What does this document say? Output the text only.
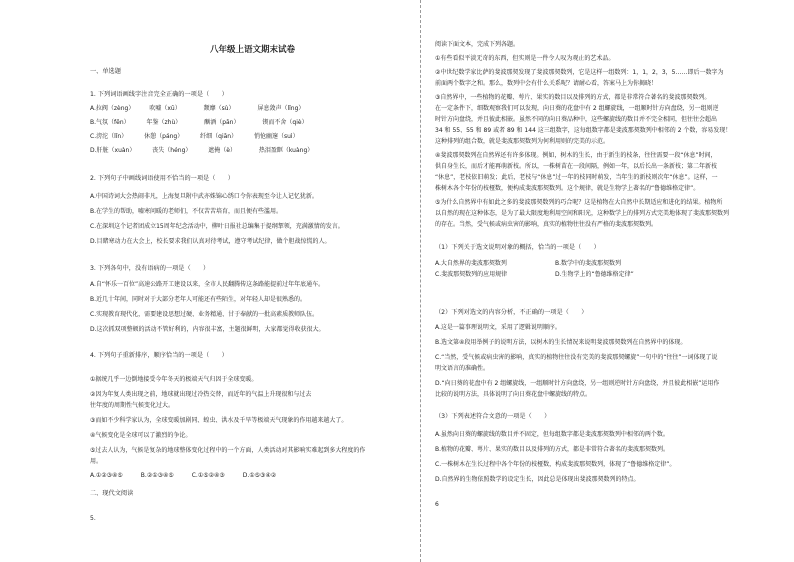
八年级上语文期末试卷
一、单选题
1. 下列词语画线字注音完全正确的一项是（　　）
A.拉阀（zèng）　　　吹嘘（xū）　　　　 颓靡（sù）　　　　 屏息敛声（lǐng）
B.气氛（fēn）　　　 年鉴（zhù）　　　　 酗酒（pān）　　　　 锲而不舍（qiè）
C.滂沱（lǐn）　　　 休憩（páng）　　　 纤细（qiān）　　　 悄怆幽邃（suì）
D.肝脏（xuàn）　　　 丧失（héng）　　　 遮掩（è）　　　　 热泪盈眶（kuàng）
2. 下列句子中画线词语使用不恰当的一项是（　　）
A.中国诗词大会热闹非凡，上海复旦附中武亦姝锦心绣口令你表现至今让人记忆犹新。
B.在学生的帮助，嘘寒问暖的老师们，不仅苦苦培育，而且便有些滥用。
C.在深圳这个记者团成立15周年纪念活动中，柳叶日报社总编集于提纲挈领，充满激情的发言。
D.目睹寒动力在大会上，校长要求我们认真对待考试，遵守考试纪律，做个胆战惊慌的人。
3. 下列各句中，没有语病的一项是（　　）
A.自“怀乐一百位”高速公路开工建设以来，全市人民翻腾传这条路能提前过年年底通车。
B.近几十年间，同时对于大部分老年人可能还有些陌生，对年轻人却是很熟悉的。
C.实现教育现代化，需要建设思想过硬、业务精通、甘于奉献的一批高素质教师队伍。
D.这次抓双项整顿的活动不管好利的，内容很丰富，主题很鲜明，大家都觉得收获很大。
4. 下列句子重新排序，顺序恰当的一项是（　　）
①据统几乎一边倒地接受今年冬天的极端天气归因于全球变暖。
②因为年复人类出现之前，地球就出现过冷热交替，而近年的气温上升现很和与过去
往年度的周期性气候变化过大。
③而如不少科学家认为，全球变暖加剧同、蝗虫、洪水及千旱等极端天气现象的作用越来越大了。
④气候变化是全球可以了激烈的争论。
⑤过去人认为，气候是复杂的地球整体变化过程中的一个方面，人类活动对其影响实难起到多大程度的作
用。
A.①②③④⑤　　　B.②①③④⑤　　　C.①⑤②④③　　　D.①⑤③④②
二、现代文阅读
5.
阅读下面文本，完成下列各题。
①有些看似平淡无奇的东西，但实则是一件令人叹为观止的艺术品。
②中世纪数学家比萨的斐波那契发现了斐波那契数列，它是这样一组数列：1，1，2，3，5……即后一数字为
前面两个数字之和。那么，数列中会有什么关系呢？请耐心看，答案马上为你揭晓！
③自然界中，一些植物的花瓣、萼片、果实的数目以及排列的方式，都是非常符合著名的斐波那契数列。
在一定条件下，细数观察我们可以发现，向日葵的花盘中有 2 组螺旋线，一组顺时针方向盘绕，另一组则逆
时针方向盘绕，并且彼此相嵌。虽然不同的向日葵品种中，这些螺旋线的数目并不完全相同，但往往会超出
34 和 55、55 和 89 或者 89 和 144 这三组数字，这每组数字都是斐波那契数列中相邻的 2 个数，容易发现！
这种排列的组合数，就是斐波那契数列为何利用则的完美的示范。
④斐波那契数列在自然界还有许多体现。例如，树木的生长，由于新生的枝条，往往需要一段“休息”时间，
供自身生长，而后才能再萌新枝。所以，一株树苗在一段间隔，例如一年，以后长出一条新枝；第二年新枝
“休息”，老枝依旧萌发；此后，老枝与“休息”过一年的枝同时萌发，当年生的新枝则次年“休息”。这样，一
株树木各个年份的枝桠数，便构成斐波那契数列。这个规律，就是生物学上著名的“鲁德维格定律”。
⑤为什么自然界中有如此之多的斐波那契数列的巧合呢？这是植物在大自然中长期适应和进化的结果。植物所
以自然的现在这种体态，是为了最大限度地利用空间和阳光，这种数学上的排列方式完美地体现了斐波那契数列
的存在。当然，受气候或病虫害的影响，真实的植物往往没有严格的斐波那契数列。
（1）下列关于选文说明对象的概括，恰当的一项是（　　）
A.大自然界的斐波那契数列	B.数学中的斐波那契数列
C.斐波那契数列的应用规律	D.生物学上的“鲁德维格定律”
（2）下列对选文的内容分析，不正确的一项是（　　）
A.这是一篇事理说明文，采用了逻辑说明顺序。
B.选文第④段用举例子的说明方法，以树木的生长情况来说明斐波那契数列在自然界中的体现。
C.“当然，受气候或病虫害的影响，真实的植物往往没有完美的斐波那契螺旋”一句中的“往往”一词体现了说
明文语言的准确性。
D.“向日葵的花盘中有 2 组螺旋线，一组顺时针方向盘绕，另一组则逆时针方向盘绕，并且彼此相嵌”运用作
比较的说明方法，具体说明了向日葵花盘中螺旋线的特点。
（3）下列表述符合文意的一项是（　　）
A.虽然向日葵的螺旋线的数目并不固定，但每组数字都是斐波那契数列中相邻的两个数。
B.植物的花瓣、萼片、果实的数目以及排列的方式，都是非常符合著名的斐波那契数列。
C.一株树木在生长过程中各个年份的枝桠数，构成斐波那契数列，体现了“鲁德维格定律”。
D.自然界的生物依照数学的设定生长，因此总是体现出斐波那契数列的特点。
6
